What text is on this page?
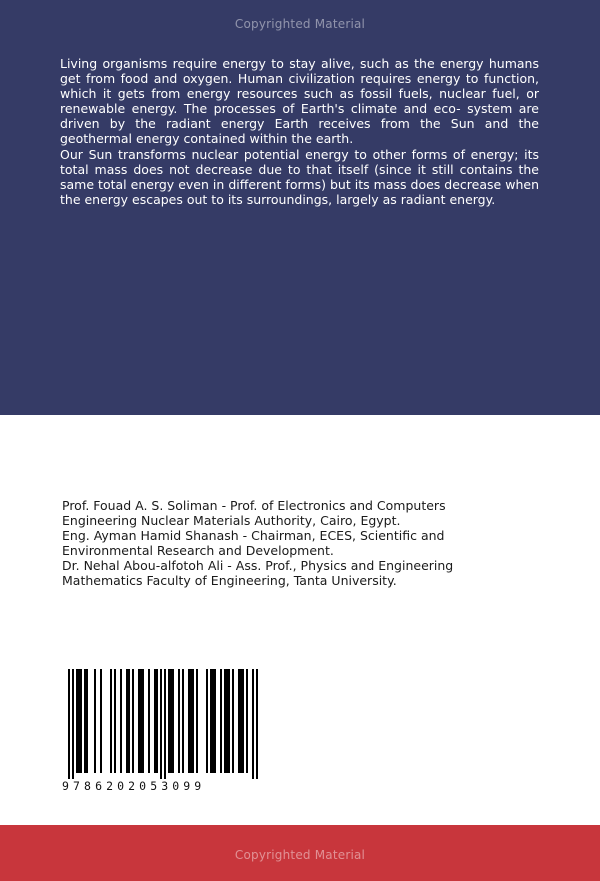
Copyrighted Material

Living organisms require energy to stay alive, such as the energy humans get from food and oxygen. Human civilization requires energy to function, which it gets from energy resources such as fossil fuels, nuclear fuel, or renewable energy. The processes of Earth's climate and eco- system are driven by the radiant energy Earth receives from the Sun and the geothermal energy contained within the earth.

Our Sun transforms nuclear potential energy to other forms of energy; its total mass does not decrease due to that itself (since it still contains the same total energy even in different forms) but its mass does decrease when the energy escapes out to its surroundings, largely as radiant energy.

Prof. Fouad A. S. Soliman - Prof. of Electronics and Computers
Engineering Nuclear Materials Authority, Cairo, Egypt.
Eng. Ayman Hamid Shanash - Chairman, ECES, Scientific and
Environmental Research and Development.
Dr. Nehal Abou-alfotoh Ali - Ass. Prof., Physics and Engineering
Mathematics Faculty of Engineering, Tanta University.
9786202053099
Copyrighted Material
